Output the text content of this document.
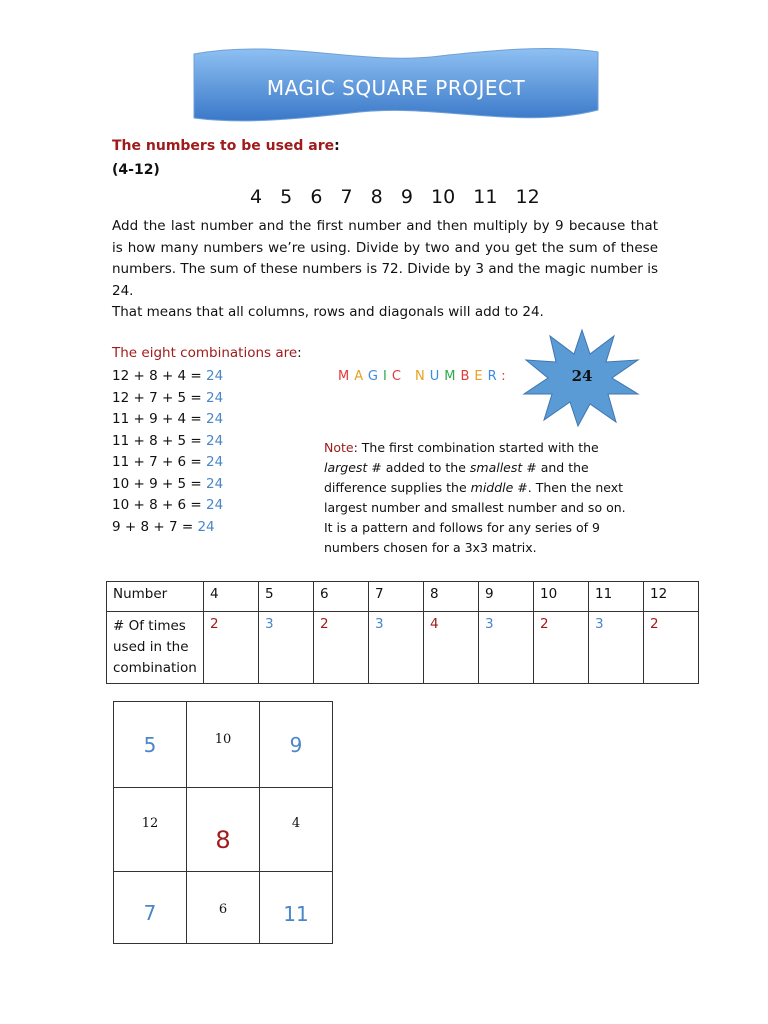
MAGIC SQUARE PROJECT
The numbers to be used are:
(4-12)
4  5  6  7  8  9  10  11  12
Add the last number and the first number and then multiply by 9 because that is how many numbers we’re using. Divide by two and you get the sum of these numbers. The sum of these numbers is 72. Divide by 3 and the magic number is 24.
That means that all columns, rows and diagonals will add to 24.
The eight combinations are:
12 + 8 + 4 = 24
12 + 7 + 5 = 24
11 + 9 + 4 = 24
11 + 8 + 5 = 24
11 + 7 + 6 = 24
10 + 9 + 5 = 24
10 + 8 + 6 = 24
9 + 8 + 7 = 24
MAGIC NUMBER:	24
Note: The first combination started with the largest # added to the smallest # and the difference supplies the middle #. Then the next largest number and smallest number and so on. It is a pattern and follows for any series of 9 numbers chosen for a 3x3 matrix.
Number	4	5	6	7	8	9	10	11	12
# Of times used in the combination	2	3	2	3	4	3	2	3	2
5	10	9
12	8	4
7	6	11
